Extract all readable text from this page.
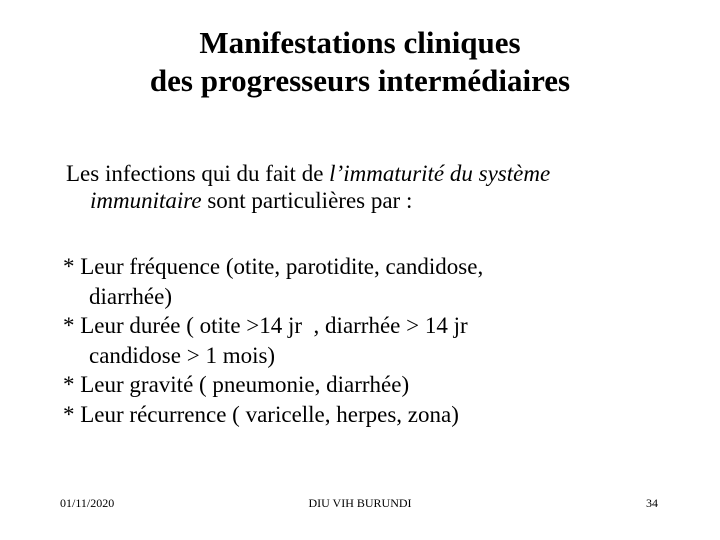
Manifestations cliniques
des progresseurs intermédiaires
Les infections qui du fait de l’immaturité du système
immunitaire sont particulières par :
* Leur fréquence (otite, parotidite, candidose,
diarrhée)
* Leur durée ( otite >14 jr  , diarrhée > 14 jr
candidose > 1 mois)
* Leur gravité ( pneumonie, diarrhée)
* Leur récurrence ( varicelle, herpes, zona)
01/11/2020	DIU VIH BURUNDI	34
